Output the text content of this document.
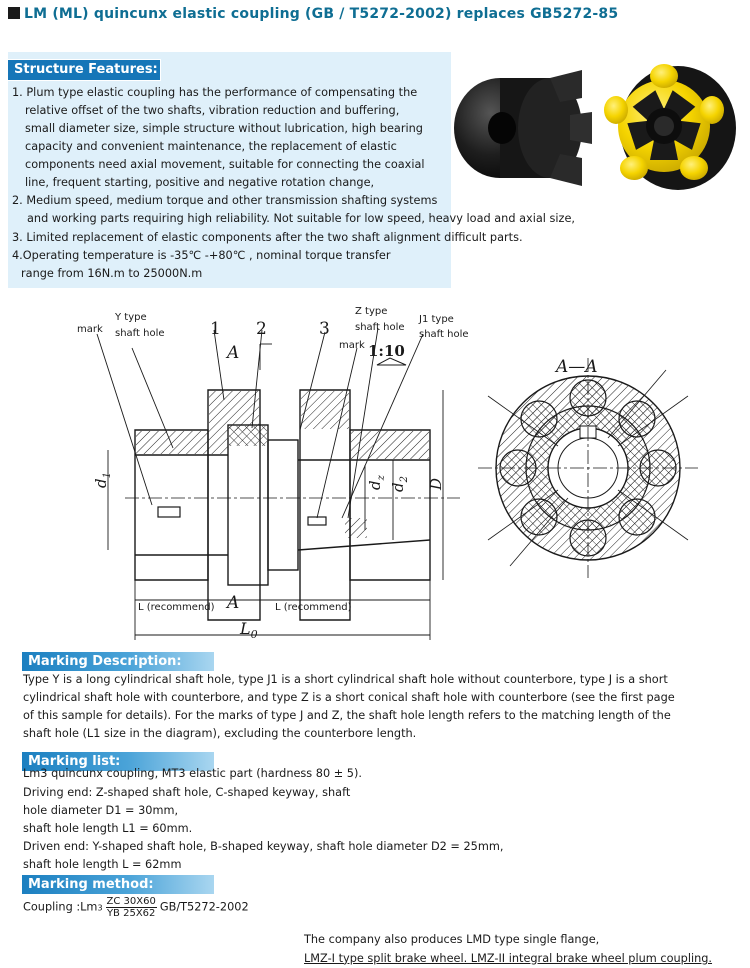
LM (ML) quincunx elastic coupling (GB / T5272-2002) replaces GB5272-85
Structure Features:
1. Plum type elastic coupling has the performance of compensating the
relative offset of the two shafts, vibration reduction and buffering,
small diameter size, simple structure without lubrication, high bearing
capacity and convenient maintenance, the replacement of elastic
components need axial movement, suitable for connecting the coaxial
line, frequent starting, positive and negative rotation change,
2. Medium speed, medium torque and other transmission shafting systems
and working parts requiring high reliability. Not suitable for low speed, heavy load and axial size,
3. Limited replacement of elastic components after the two shaft alignment difficult parts.
4.Operating temperature is -35℃ -+80℃ , nominal torque transfer
range from 16N.m to 25000N.m
mark
Y type
shaft hole
Z type
shaft hole
J1 type
shaft hole
mark
L (recommend)	L (recommend)
1 2	3
A
A
1:10
A—A
$d_1$
$d_z$
$d_2$ D
$L_0$
Marking Description:
Type Y is a long cylindrical shaft hole, type J1 is a short cylindrical shaft hole without counterbore, type J is a short
cylindrical shaft hole with counterbore, and type Z is a short conical shaft hole with counterbore (see the first page
of this sample for details). For the marks of type J and Z, the shaft hole length refers to the matching length of the
shaft hole (L1 size in the diagram), excluding the counterbore length.
Marking list:
Lm3 quincunx coupling, MT3 elastic part (hardness 80 ± 5).
Driving end: Z-shaped shaft hole, C-shaped keyway, shaft
hole diameter D1 = 30mm,
shaft hole length L1 = 60mm.
Driven end: Y-shaped shaft hole, B-shaped keyway, shaft hole diameter D2 = 25mm,
shaft hole length L = 62mm
Marking method:
Coupling :Lm3 $\frac{ZC 30X60}{YB 25X62} GB/T5272-2002$
The company also produces LMD type single flange,
LMZ-I type split brake wheel. LMZ-II integral brake wheel plum coupling.
